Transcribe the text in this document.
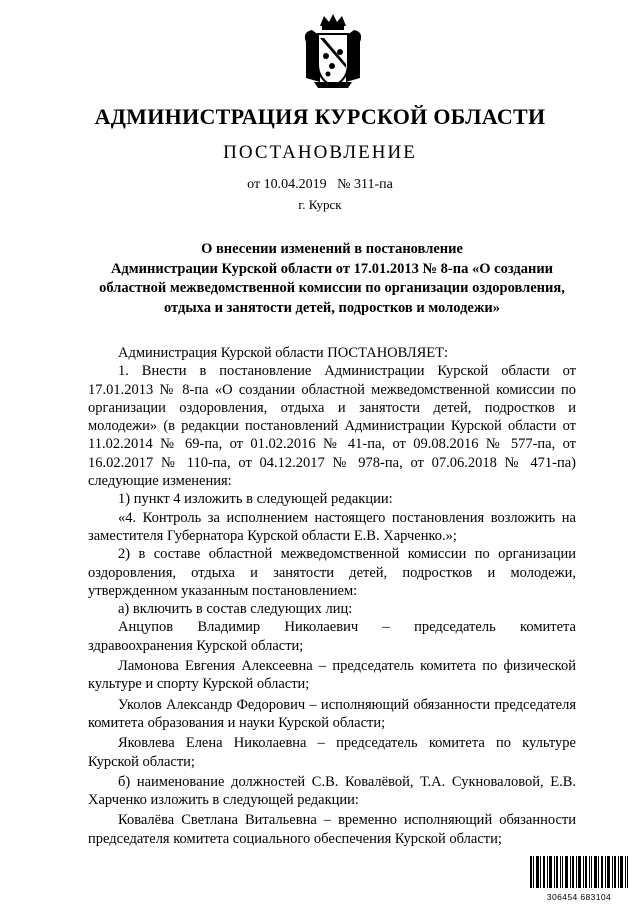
АДМИНИСТРАЦИЯ КУРСКОЙ ОБЛАСТИ
ПОСТАНОВЛЕНИЕ
от 10.04.2019   № 311-па
г. Курск
О внесении изменений в постановление
Администрации Курской области от 17.01.2013 № 8-па «О создании
областной межведомственной комиссии по организации оздоровления,
отдыха и занятости детей, подростков и молодежи»

Администрация Курской области ПОСТАНОВЛЯЕТ:

1. Внести в постановление Администрации Курской области от 17.01.2013 № 8-па «О создании областной межведомственной комиссии по организации оздоровления, отдыха и занятости детей, подростков и молодежи» (в редакции постановлений Администрации Курской области от 11.02.2014 № 69-па, от 01.02.2016 № 41-па, от 09.08.2016 № 577-па, от 16.02.2017 № 110-па, от 04.12.2017 № 978-па, от 07.06.2018 № 471-па) следующие изменения:

1) пункт 4 изложить в следующей редакции:

«4. Контроль за исполнением настоящего постановления возложить на заместителя Губернатора Курской области Е.В. Харченко.»;

2) в составе областной межведомственной комиссии по организации оздоровления, отдыха и занятости детей, подростков и молодежи, утвержденном указанным постановлением:

а) включить в состав следующих лиц:

Анцупов Владимир Николаевич – председатель комитета здравоохранения Курской области;

Ламонова Евгения Алексеевна – председатель комитета по физической культуре и спорту Курской области;

Уколов Александр Федорович – исполняющий обязанности председателя комитета образования и науки Курской области;

Яковлева Елена Николаевна – председатель комитета по культуре Курской области;

б) наименование должностей С.В. Ковалёвой, Т.А. Сукноваловой, Е.В. Харченко изложить в следующей редакции:

Ковалёва Светлана Витальевна – временно исполняющий обязанности председателя комитета социального обеспечения Курской области;

306454 683104
